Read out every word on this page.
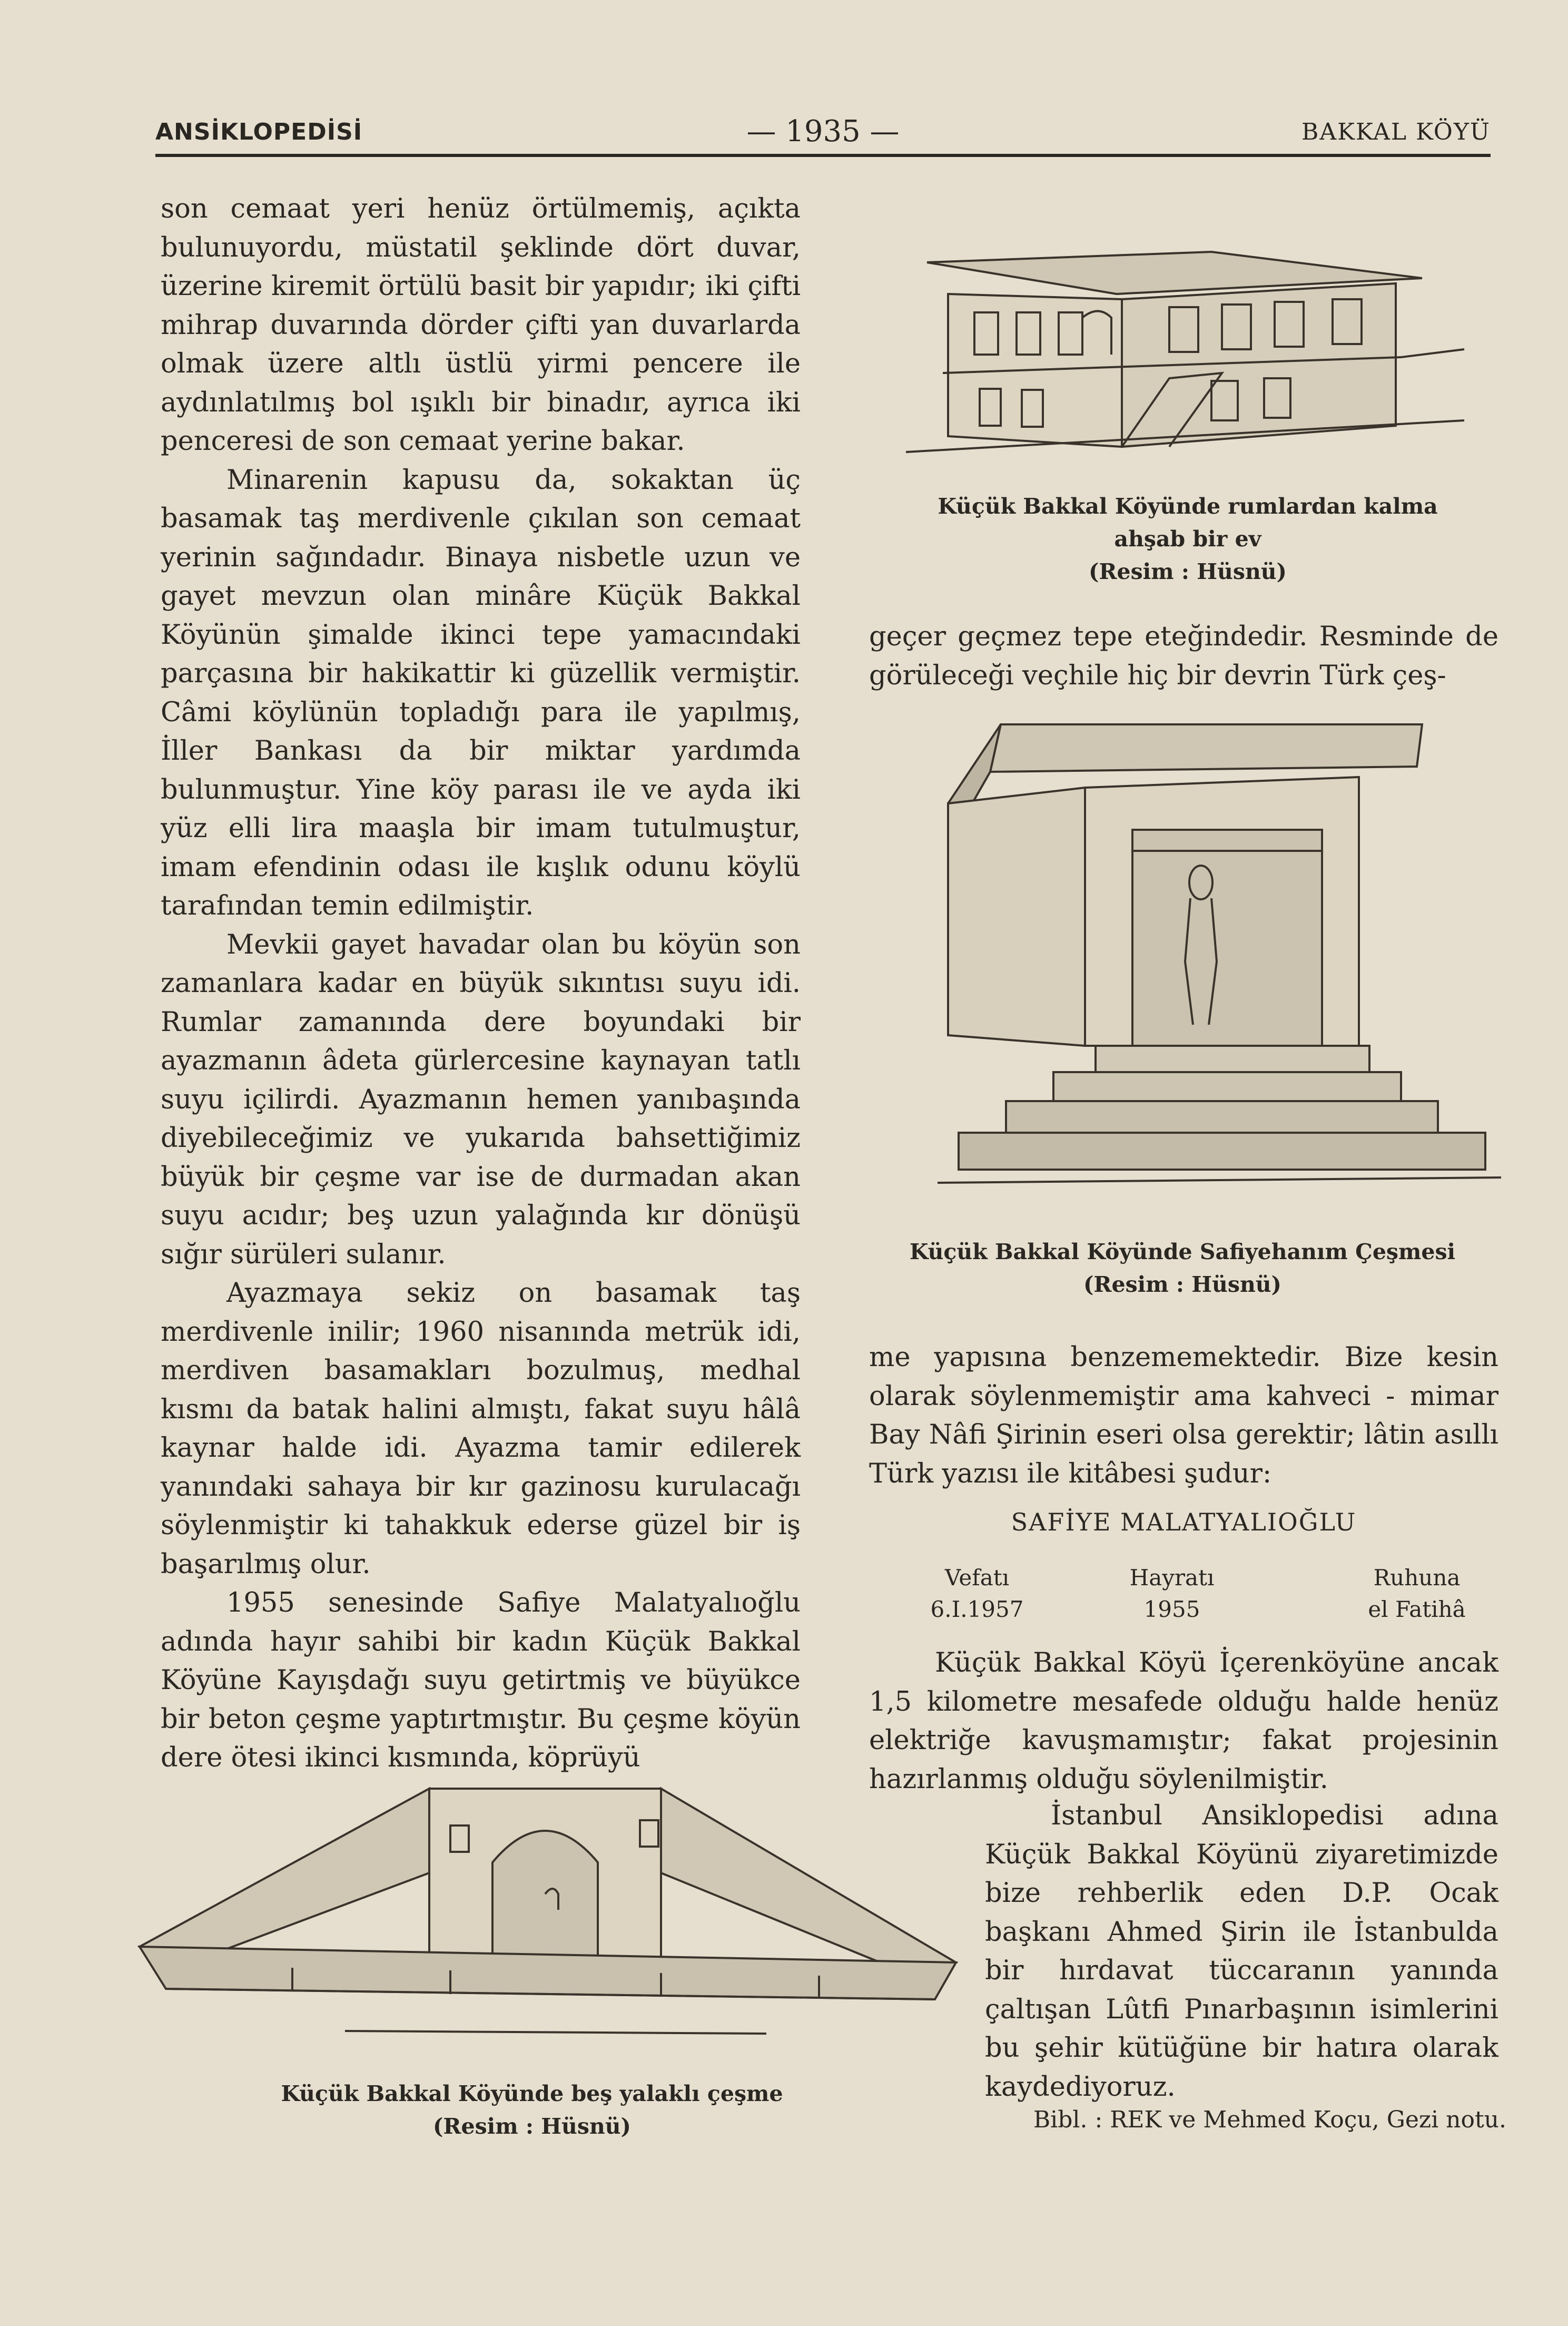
ANSİKLOPEDİSİ	— 1935 —	BAKKAL KÖYÜ

son cemaat yeri henüz örtülmemiş, açıkta bulunuyordu, müstatil şeklinde dört duvar, üzerine kiremit örtülü basit bir yapıdır; iki çifti mihrap duvarında dörder çifti yan duvarlarda olmak üzere altlı üstlü yirmi pencere ile aydınlatılmış bol ışıklı bir binadır, ayrıca iki penceresi de son cemaat yerine bakar.

Minarenin kapusu da, sokaktan üç basamak taş merdivenle çıkılan son cemaat yerinin sağındadır. Binaya nisbetle uzun ve gayet mevzun olan minâre Küçük Bakkal Köyünün şimalde ikinci tepe yamacındaki parçasına bir hakikattir ki güzellik vermiştir. Câmi köylünün topladığı para ile yapılmış, İller Bankası da bir miktar yardımda bulunmuştur. Yine köy parası ile ve ayda iki yüz elli lira maaşla bir imam tutulmuştur, imam efendinin odası ile kışlık odunu köylü tarafından temin edilmiştir.

Mevkii gayet havadar olan bu köyün son zamanlara kadar en büyük sıkıntısı suyu idi. Rumlar zamanında dere boyundaki bir ayazmanın âdeta gürlercesine kaynayan tatlı suyu içilirdi. Ayazmanın hemen yanıbaşında diyebileceğimiz ve yukarıda bahsettiğimiz büyük bir çeşme var ise de durmadan akan suyu acıdır; beş uzun yalağında kır dönüşü sığır sürüleri sulanır.

Ayazmaya sekiz on basamak taş merdivenle inilir; 1960 nisanında metrük idi, merdiven basamakları bozulmuş, medhal kısmı da batak halini almıştı, fakat suyu hâlâ kaynar halde idi. Ayazma tamir edilerek yanındaki sahaya bir kır gazinosu kurulacağı söylenmiştir ki tahakkuk ederse güzel bir iş başarılmış olur.

1955 senesinde Safiye Malatyalıoğlu adında hayır sahibi bir kadın Küçük Bakkal Köyüne Kayışdağı suyu getirtmiş ve büyükce bir beton çeşme yaptırtmıştır. Bu çeşme köyün dere ötesi ikinci kısmında, köprüyü

Küçük Bakkal Köyünde rumlardan kalma
ahşab bir ev
(Resim : Hüsnü)

geçer geçmez tepe eteğindedir. Resminde de görüleceği veçhile hiç bir devrin Türk çeş-

Küçük Bakkal Köyünde Safiyehanım Çeşmesi
(Resim : Hüsnü)

me yapısına benzememektedir. Bize kesin olarak söylenmemiştir ama kahveci - mimar Bay Nâfi Şirinin eseri olsa gerektir; lâtin asıllı Türk yazısı ile kitâbesi şudur:

SAFİYE MALATYALIOĞLU
Vefatı
6.I.1957
Hayratı
1955
Ruhuna
el Fatihâ

Küçük Bakkal Köyü İçerenköyüne ancak 1,5 kilometre mesafede olduğu halde henüz elektriğe kavuşmamıştır; fakat projesinin hazırlanmış olduğu söylenilmiştir.

İstanbul Ansiklopedisi adına Küçük Bakkal Köyünü ziyaretimizde bize rehberlik eden D.P. Ocak başkanı Ahmed Şirin ile İstanbulda bir hırdavat tüccaranın yanında çaltışan Lûtfi Pınarbaşının isimlerini bu şehir kütüğüne bir hatıra olarak kaydediyoruz.

Bibl. : REK ve Mehmed Koçu, Gezi notu.
Küçük Bakkal Köyünde beş yalaklı çeşme
(Resim : Hüsnü)
